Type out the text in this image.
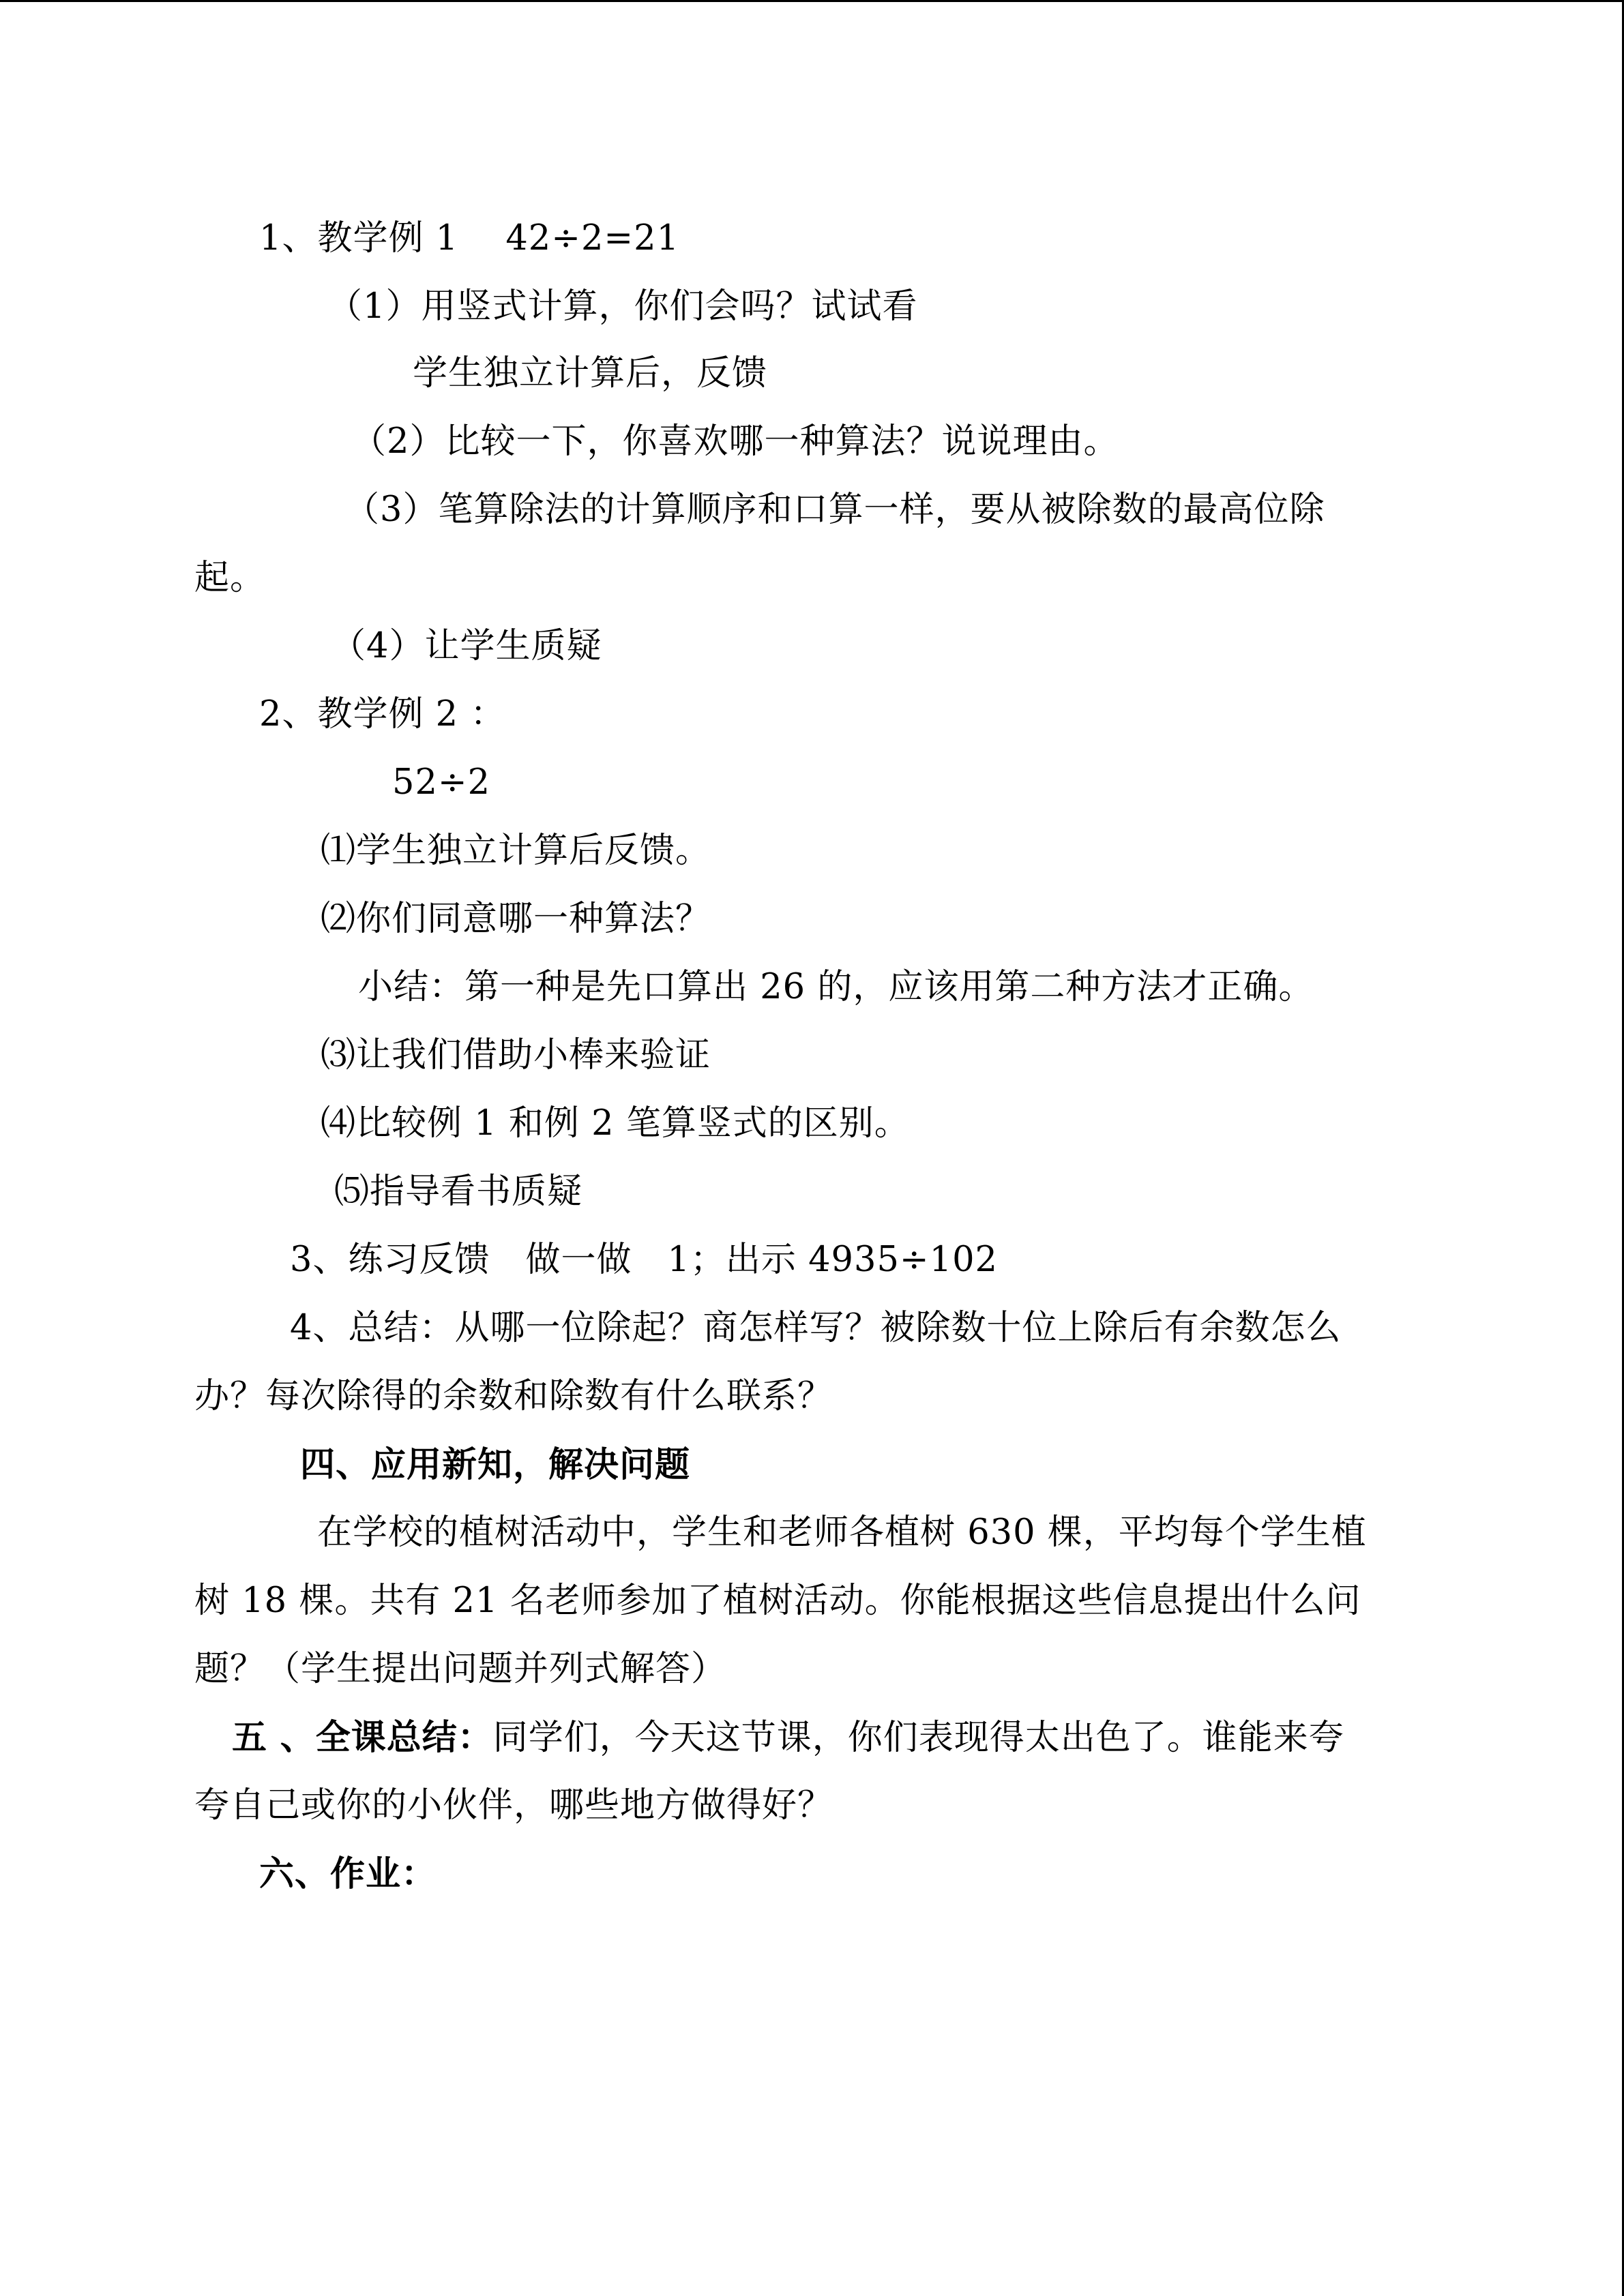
1、教学例 1　 42÷2=21
（1）用竖式计算，你们会吗？试试看
学生独立计算后，反馈
（2）比较一下，你喜欢哪一种算法？说说理由。
（3）笔算除法的计算顺序和口算一样，要从被除数的最高位除
起。
（4）让学生质疑
2、教学例 2 ：
52÷2
⑴学生独立计算后反馈。
⑵你们同意哪一种算法？
小结：第一种是先口算出 26 的，应该用第二种方法才正确。
⑶让我们借助小棒来验证
⑷比较例 1 和例 2 笔算竖式的区别。
⑸指导看书质疑
3、练习反馈　做一做　1；出示 4935÷102
4、总结：从哪一位除起？商怎样写？被除数十位上除后有余数怎么
办？每次除得的余数和除数有什么联系？
四、应用新知，解决问题
在学校的植树活动中，学生和老师各植树 630 棵，平均每个学生植
树 18 棵。共有 21 名老师参加了植树活动。你能根据这些信息提出什么问
题？（学生提出问题并列式解答）
五 、全课总结：同学们，今天这节课，你们表现得太出色了。谁能来夸
夸自己或你的小伙伴，哪些地方做得好？
六、作业：
